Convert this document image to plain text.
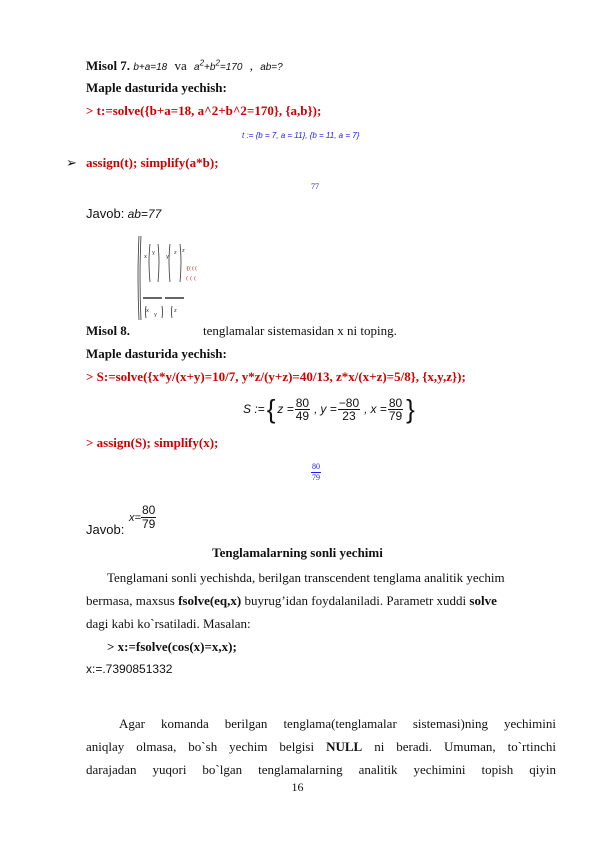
Misol 7. b+a=18 va $a^2+b^2=170$ , ab=?
Maple dasturida yechish:
> t:=solve({b+a=18, a^2+b^2=170}, {a,b});
t := {b = 7, a = 11}, {b = 11, a = 7}
➢ assign(t); simplify(a*b);
77
Javob: ab=77
x
y
y
z z
x
y
z
{ ( ( (
( ( (
Misol 8.	tenglamalar sistemasidan x ni toping.
Maple dasturida yechish:
> S:=solve({x*y/(x+y)=10/7, y*z/(y+z)=40/13, z*x/(x+z)=5/8}, {x,y,z});
S := { $z = \frac{80}{49}$ , $y = \frac{-80}{23}$ , $x = \frac{80}{79}$ }
> assign(S); simplify(x);
$\frac{80}{79}$
Javob:
$x= \frac{80}{79}$
Tenglamalarning sonli yechimi
Tenglamani sonli yechishda, berilgan transcendent tenglama analitik yechim
bermasa, maxsus fsolve(eq,x) buyrug’idan foydalaniladi. Parametr xuddi solve
dagi kabi ko`rsatiladi. Masalan:
> x:=fsolve(cos(x)=x,x);
x:=.7390851332
Agar komanda berilgan tenglama(tenglamalar sistemasi)ning yechimini
aniqlay olmasa, bo`sh yechim belgisi NULL ni beradi. Umuman, to`rtinchi
darajadan yuqori bo`lgan tenglamalarning analitik yechimini topish qiyin
16
